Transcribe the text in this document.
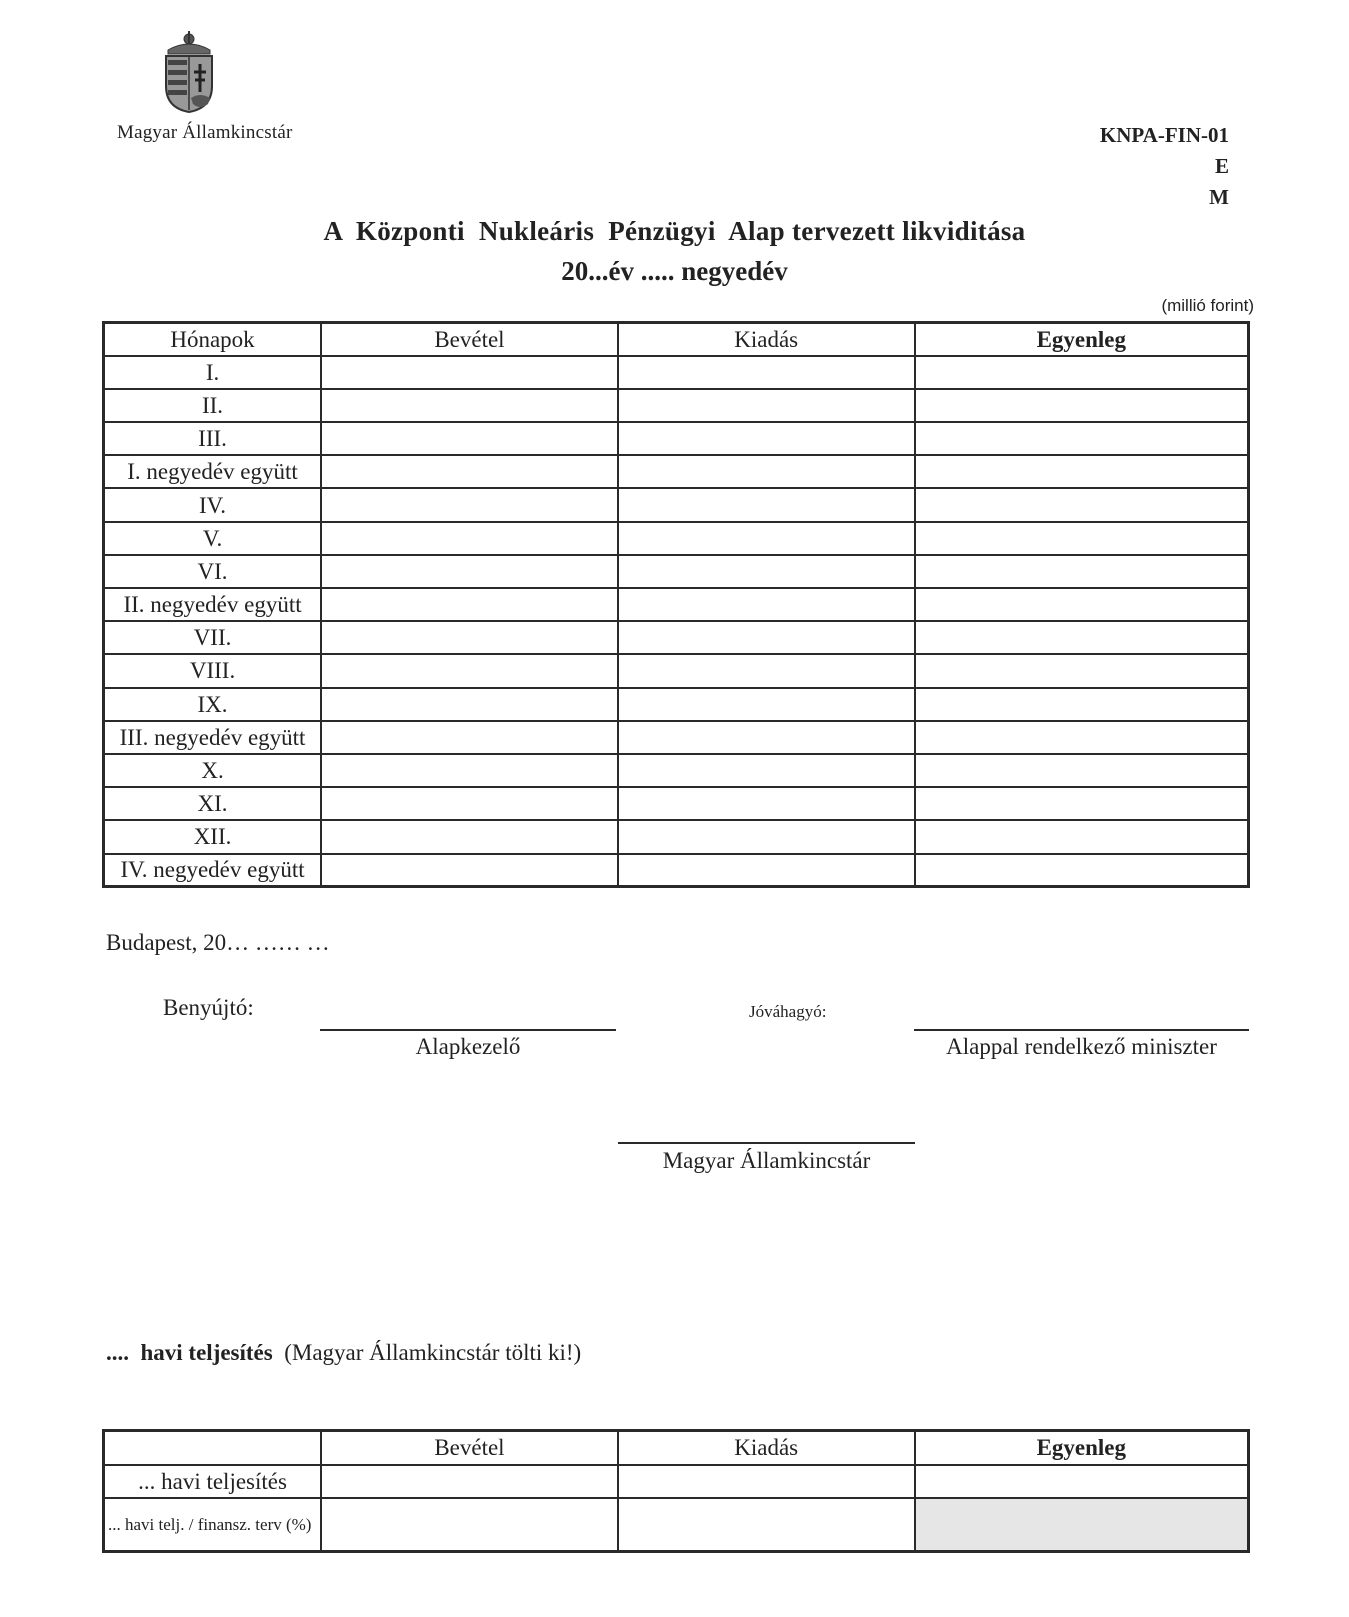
Magyar Államkincstár	KNPA-FIN-01
E
M
A  Központi  Nukleáris  Pénzügyi  Alap tervezett likviditása
20...év ..... negyedév
(millió forint)
Hónapok	Bevétel	Kiadás	Egyenleg
I.			
II.			
III.			
I. negyedév együtt			
IV.			
V.			
VI.			
II. negyedév együtt			
VII.			
VIII.			
IX.			
III. negyedév együtt			
X.			
XI.			
XII.			
IV. negyedév együtt			
Budapest, 20… …… …
Benyújtó:
Alapkezelő
Jóváhagyó:
Alappal rendelkező miniszter
Magyar Államkincstár
....  havi teljesítés  (Magyar Államkincstár tölti ki!)
	Bevétel	Kiadás	Egyenleg
... havi teljesítés			
... havi telj. / finansz. terv (%)			
